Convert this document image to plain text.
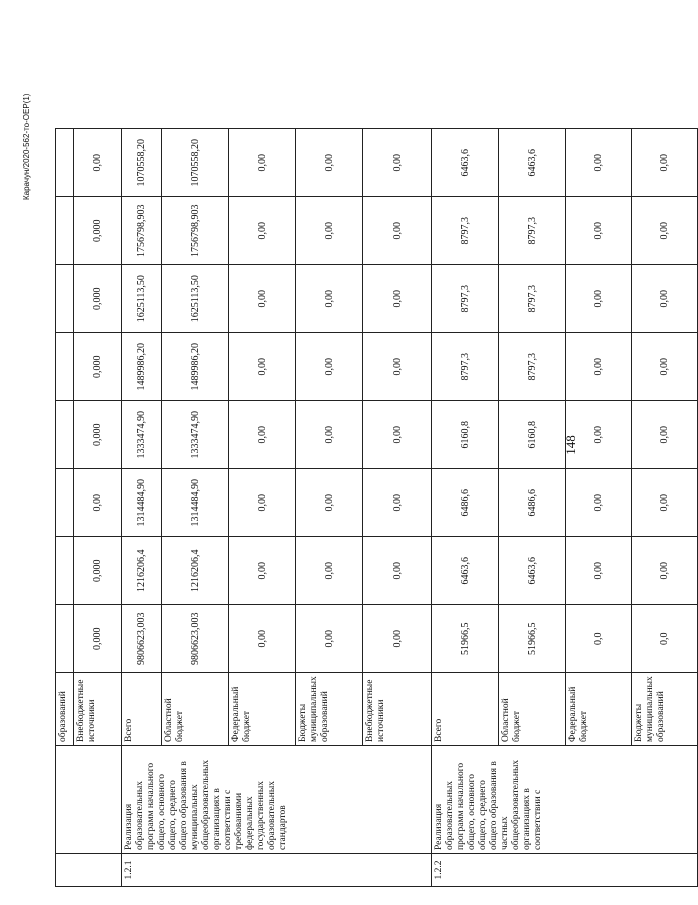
148
Карачун/2020-562-то-ОЕР(1)
		образований								
		Внебюджетные источники	0,000	0,000	0,00	0,000	0,000	0,000	0,000	0,00
1.2.1	Реализация образовательных программ начального общего, основного общего, среднего общего образования в муниципальных общеобразовательных организациях в соответствии с требованиями федеральных государственных образовательных стандартов	Всего	9806623,003	1216206,4	1314484,90	1333474,90	1489986,20	1625113,50	1756798,903	1070558,20
		Областной бюджет	9806623,003	1216206,4	1314484,90	1333474,90	1489986,20	1625113,50	1756798,903	1070558,20
		Федеральный бюджет	0,00	0,00	0,00	0,00	0,00	0,00	0,00	0,00
		Бюджеты муниципальных образований	0,00	0,00	0,00	0,00	0,00	0,00	0,00	0,00
		Внебюджетные источники	0,00	0,00	0,00	0,00	0,00	0,00	0,00	0,00
1.2.2	Реализация образовательных программ начального общего, основного общего, среднего общего образования в частных общеобразовательных организациях в соответствии с	Всего	51966,5	6463,6	6486,6	6160,8	8797,3	8797,3	8797,3	6463,6
		Областной бюджет	51966,5	6463,6	6486,6	6160,8	8797,3	8797,3	8797,3	6463,6
		Федеральный бюджет	0,0	0,00	0,00	0,00	0,00	0,00	0,00	0,00
		Бюджеты муниципальных образований	0,0	0,00	0,00	0,00	0,00	0,00	0,00	0,00
